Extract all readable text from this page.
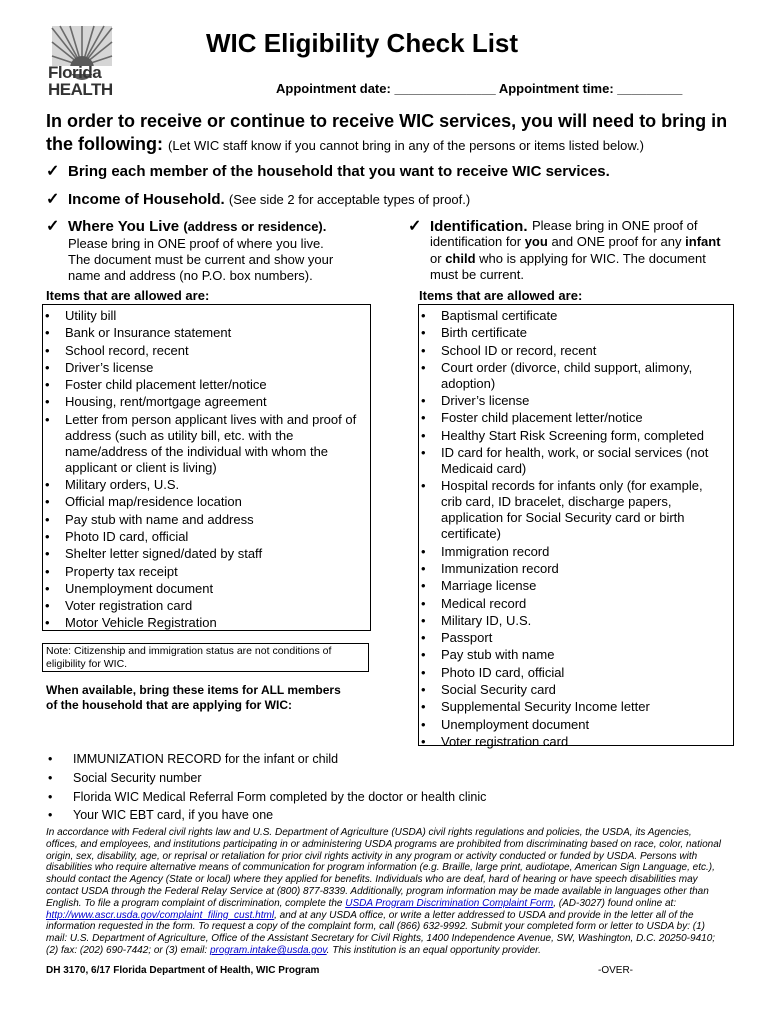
Florida
HEALTH
WIC Eligibility Check List
Appointment date: ______________ Appointment time: _________
In order to receive or continue to receive WIC services, you will need to bring in the following: (Let WIC staff know if you cannot bring in any of the persons or items listed below.)
✓ Bring each member of the household that you want to receive WIC services.
✓ Income of Household. (See side 2 for acceptable types of proof.)
✓ Where You Live (address or residence).
Please bring in ONE proof of where you live.
The document must be current and show your
name and address (no P.O. box numbers).
Items that are allowed are:
• Utility bill
• Bank or Insurance statement
• School record, recent
• Driver’s license
• Foster child placement letter/notice
• Housing, rent/mortgage agreement
• Letter from person applicant lives with and proof of address (such as utility bill, etc. with the name/address of the individual with whom the applicant or client is living)
• Military orders, U.S.
• Official map/residence location
• Pay stub with name and address
• Photo ID card, official
• Shelter letter signed/dated by staff
• Property tax receipt
• Unemployment document
• Voter registration card
• Motor Vehicle Registration
Note: Citizenship and immigration status are not conditions of eligibility for WIC.
When available, bring these items for ALL members
of the household that are applying for WIC:
✓ Identification. Please bring in ONE proof of identification for you and ONE proof for any infant or child who is applying for WIC. The document must be current.
Items that are allowed are:
• Baptismal certificate
• Birth certificate
• School ID or record, recent
• Court order (divorce, child support, alimony, adoption)
• Driver’s license
• Foster child placement letter/notice
• Healthy Start Risk Screening form, completed
• ID card for health, work, or social services (not Medicaid card)
• Hospital records for infants only (for example, crib card, ID bracelet, discharge papers, application for Social Security card or birth certificate)
• Immigration record
• Immunization record
• Marriage license
• Medical record
• Military ID, U.S.
• Passport
• Pay stub with name
• Photo ID card, official
• Social Security card
• Supplemental Security Income letter
• Unemployment document
• Voter registration card
• IMMUNIZATION RECORD for the infant or child
• Social Security number
• Florida WIC Medical Referral Form completed by the doctor or health clinic
• Your WIC EBT card, if you have one
In accordance with Federal civil rights law and U.S. Department of Agriculture (USDA) civil rights regulations and policies, the USDA, its Agencies, offices, and employees, and institutions participating in or administering USDA programs are prohibited from discriminating based on race, color, national origin, sex, disability, age, or reprisal or retaliation for prior civil rights activity in any program or activity conducted or funded by USDA. Persons with disabilities who require alternative means of communication for program information (e.g. Braille, large print, audiotape, American Sign Language, etc.), should contact the Agency (State or local) where they applied for benefits. Individuals who are deaf, hard of hearing or have speech disabilities may contact USDA through the Federal Relay Service at (800) 877-8339. Additionally, program information may be made available in languages other than English. To file a program complaint of discrimination, complete the USDA Program Discrimination Complaint Form, (AD-3027) found online at: http://www.ascr.usda.gov/complaint_filing_cust.html, and at any USDA office, or write a letter addressed to USDA and provide in the letter all of the information requested in the form. To request a copy of the complaint form, call (866) 632-9992. Submit your completed form or letter to USDA by: (1) mail: U.S. Department of Agriculture, Office of the Assistant Secretary for Civil Rights, 1400 Independence Avenue, SW, Washington, D.C. 20250-9410; (2) fax: (202) 690-7442; or (3) email: program.intake@usda.gov. This institution is an equal opportunity provider.
DH 3170, 6/17 Florida Department of Health, WIC Program	-OVER-
